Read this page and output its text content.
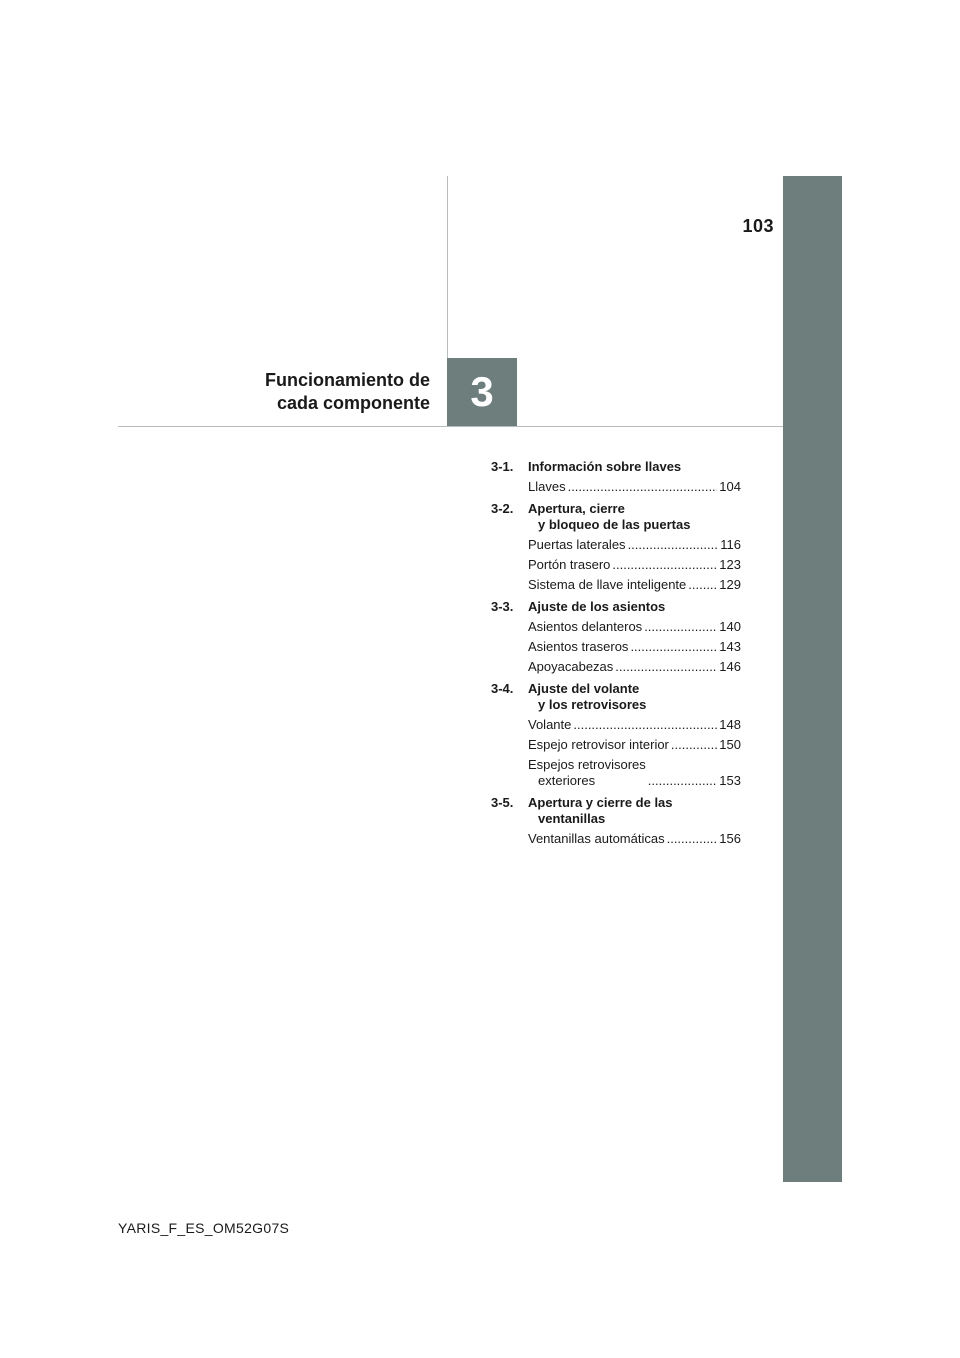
103
3
Funcionamiento de
cada componente
3-1.	Información sobre llaves
Llaves .....	104
3-2.	Apertura, cierre
y bloqueo de las puertas
Puertas laterales .....	116
Portón trasero .....	123
Sistema de llave inteligente .....	129
3-3.	Ajuste de los asientos
Asientos delanteros .....	140
Asientos traseros .....	143
Apoyacabezas .....	146
3-4.	Ajuste del volante
y los retrovisores
Volante .....	148
Espejo retrovisor interior .....	150
Espejos retrovisores
exteriores .....	153
3-5.	Apertura y cierre de las
ventanillas
Ventanillas automáticas .....	156
YARIS_F_ES_OM52G07S
